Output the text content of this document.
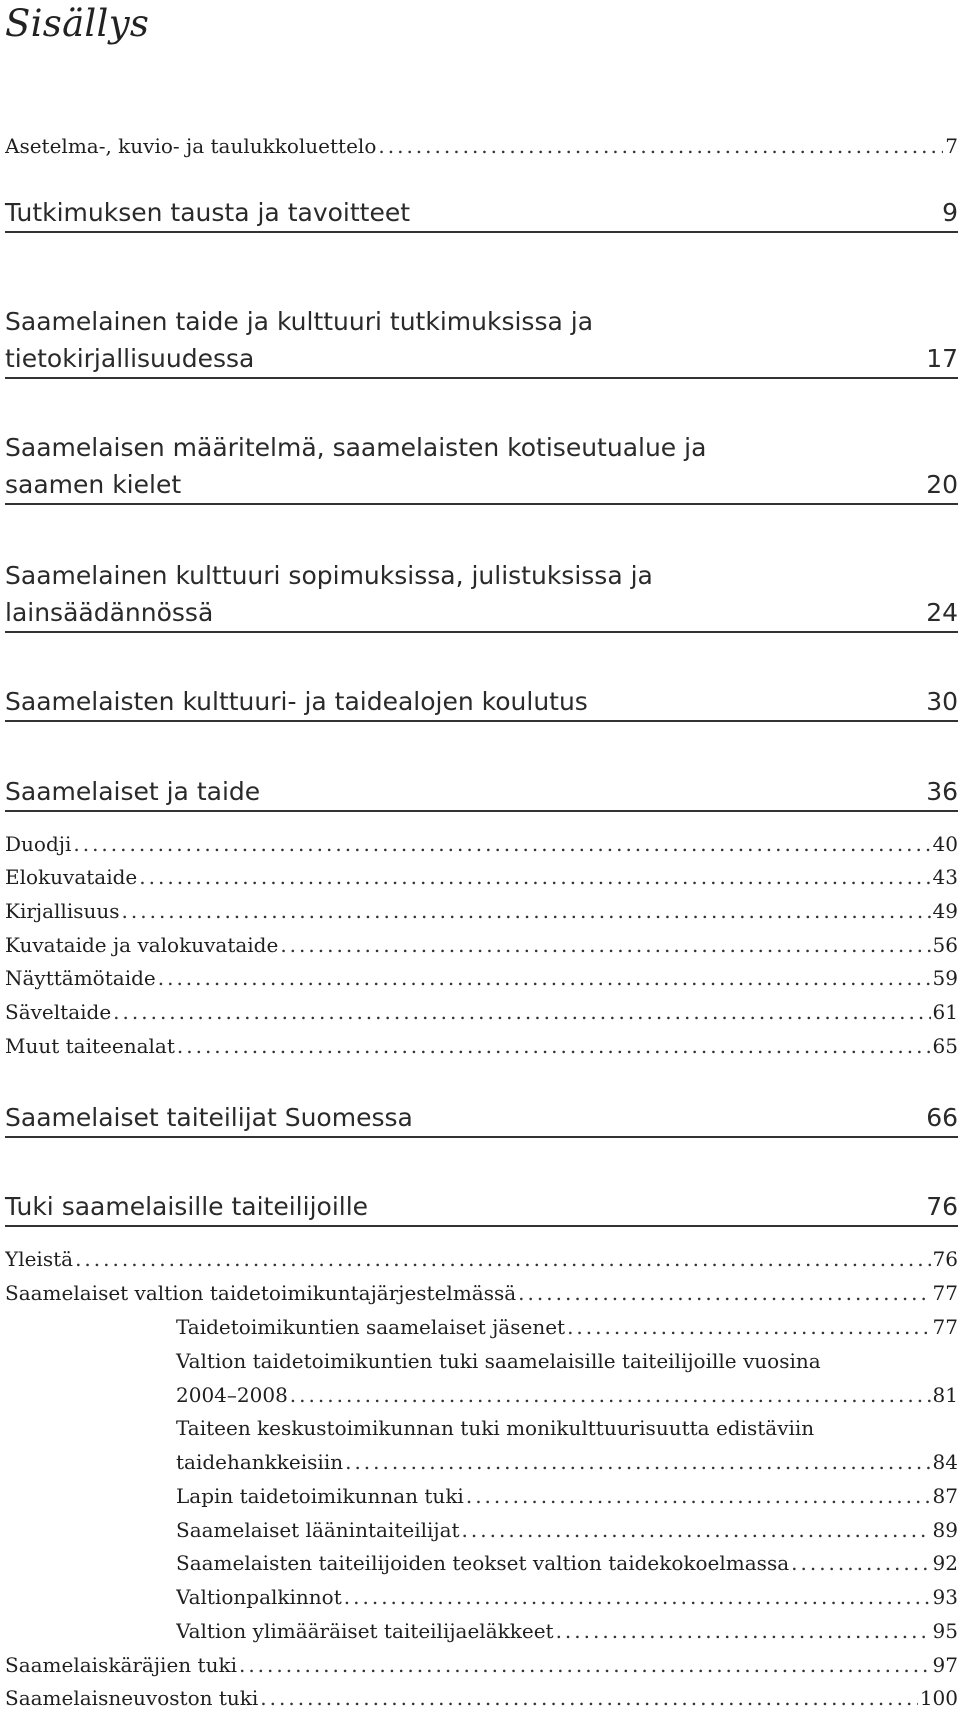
Sisällys
Asetelma-, kuvio- ja taulukkoluettelo .....	7
Tutkimuksen tausta ja tavoitteet	9
Saamelainen taide ja kulttuuri tutkimuksissa ja
tietokirjallisuudessa	17
Saamelaisen määritelmä, saamelaisten kotiseutualue ja
saamen kielet	20
Saamelainen kulttuuri sopimuksissa, julistuksissa ja
lainsäädännössä	24
Saamelaisten kulttuuri- ja taidealojen koulutus	30
Saamelaiset ja taide	36
Duodji .....	40
Elokuvataide .....	43
Kirjallisuus .....	49
Kuvataide ja valokuvataide .....	56
Näyttämötaide .....	59
Säveltaide .....	61
Muut taiteenalat .....	65
Saamelaiset taiteilijat Suomessa	66
Tuki saamelaisille taiteilijoille	76
Yleistä .....	76
Saamelaiset valtion taidetoimikuntajärjestelmässä .....	77
Taidetoimikuntien saamelaiset jäsenet .....	77
Valtion taidetoimikuntien tuki saamelaisille taiteilijoille vuosina
2004–2008 .....	81
Taiteen keskustoimikunnan tuki monikulttuurisuutta edistäviin
taidehankkeisiin .....	84
Lapin taidetoimikunnan tuki .....	87
Saamelaiset läänintaiteilijat .....	89
Saamelaisten taiteilijoiden teokset valtion taidekokoelmassa .....	92
Valtionpalkinnot .....	93
Valtion ylimääräiset taiteilijaeläkkeet .....	95
Saamelaiskäräjien tuki .....	97
Saamelaisneuvoston tuki .....	100
